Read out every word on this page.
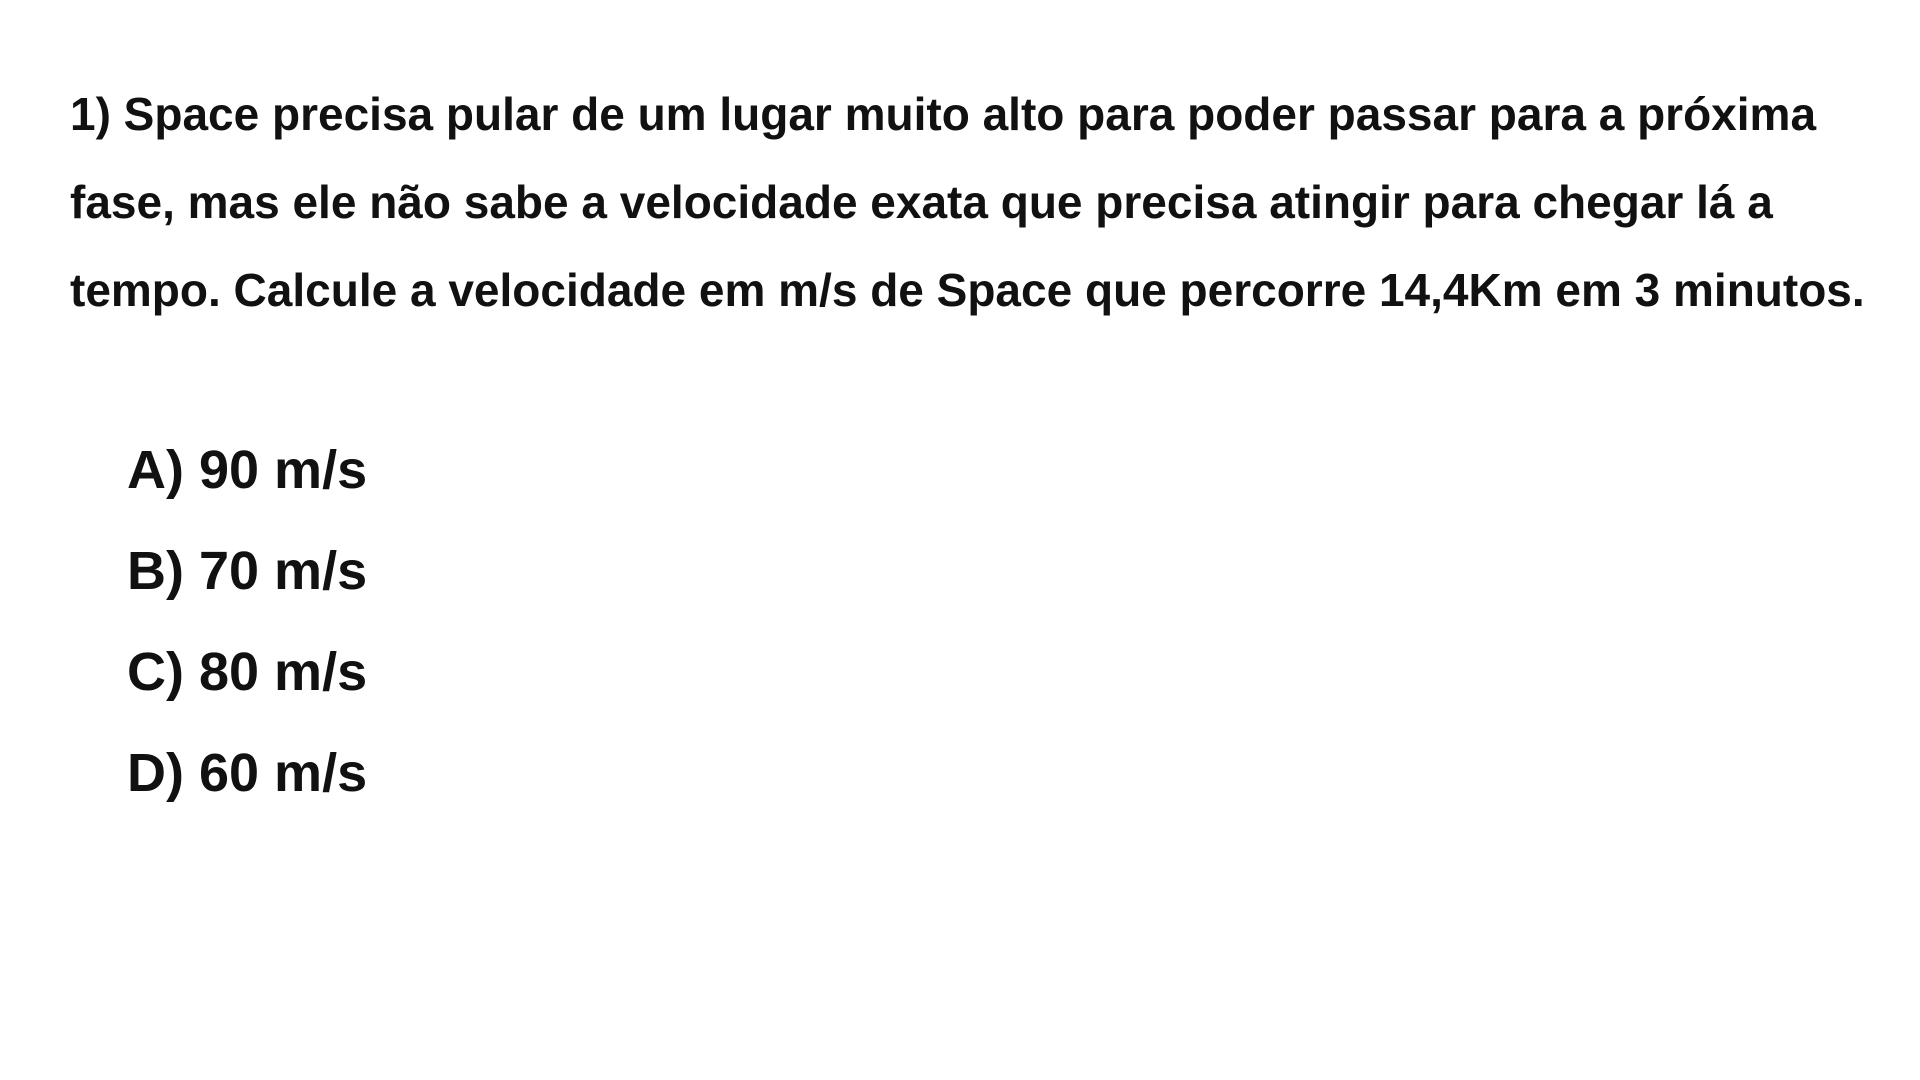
1) Space precisa pular de um lugar muito alto para poder passar para a próxima
fase, mas ele não sabe a velocidade exata que precisa atingir para chegar lá a
tempo. Calcule a velocidade em m/s de Space que percorre 14,4Km em 3 minutos.

A) 90 m/s
B) 70 m/s
C) 80 m/s
D) 60 m/s
